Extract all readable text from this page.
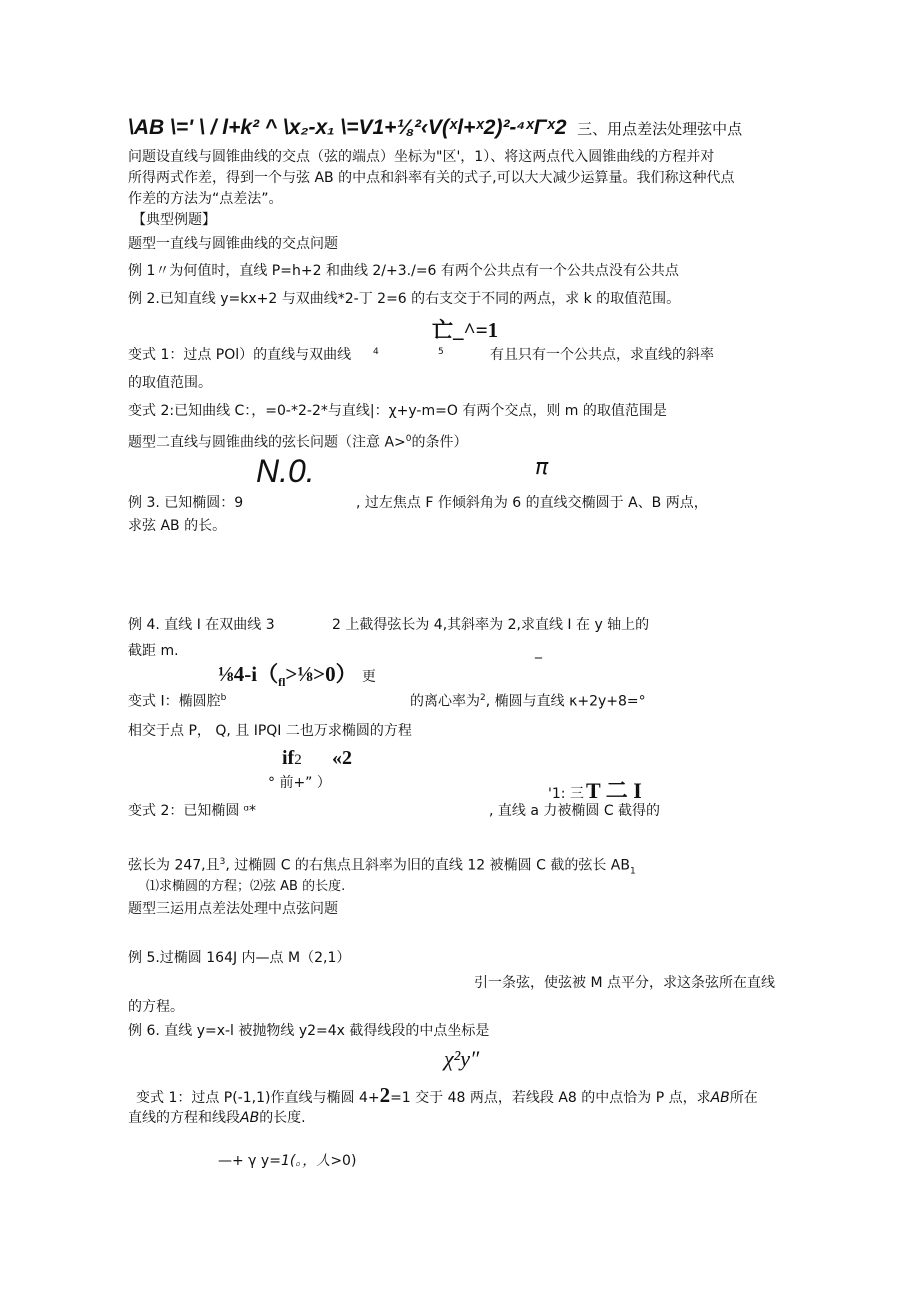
\AB \=' \ / l+k² ^ \x₂-x₁ \=V1+⅛²‹V(ˣl+ˣ2)²-⁴ˣΓˣ2 三、用点差法处理弦中点
问题设直线与圆锥曲线的交点（弦的端点）坐标为"区'，1）、将这两点代入圆锥曲线的方程并对
所得两式作差，得到一个与弦 AB 的中点和斜率有关的式子,可以大大减少运算量。我们称这种代点
作差的方法为“点差法”。
【典型例题】
题型一直线与圆锥曲线的交点问题
例 1〃为何值时，直线 P=h+2 和曲线 2/+3./=6 有两个公共点有一个公共点没有公共点
例 2.已知直线 y=kx+2 与双曲线*2-丁 2=6 的右支交于不同的两点，求 k 的取值范围。
亡_^=1
变式 1：过点 POl）的直线与双曲线 4	5	有且只有一个公共点，求直线的斜率
的取值范围。
变式 2:已知曲线 C：，=0-*2-2*与直线|：χ+y-m=O 有两个交点，则 m 的取值范围是
题型二直线与圆锥曲线的弦长问题（注意 A>$^0$的条件）
N.0.	π
例 3. 已知椭圆：9	, 过左焦点 F 作倾斜角为 6 的直线交椭圆于 A、B 两点，
求弦 AB 的长。
例 4. 直线 I 在双曲线 3	2 上截得弦长为 4,其斜率为 2,求直线 I 在 y 轴上的
截距 m.	_
$\frac{1}{8}4-i(_{fl}>\frac{1}{8}>0)$ 更
变式 I：椭圆腔$^b$	的离心率为$^2$, 椭圆与直线 κ+2y+8=°
相交于点 P， Q, 且 IPQI 二也万求椭圆的方程
if2 «2
° 前+” ）
'1: 三T 二 I
变式 2：已知椭圆 ᵅ*	, 直线 a 力被椭圆 C 截得的
弦长为 247,且$^3$, 过椭圆 C 的右焦点且斜率为旧的直线 12 被椭圆 C 截的弦长 $AB_1$
⑴求椭圆的方程；⑵弦 AB 的长度.
题型三运用点差法处理中点弦问题
例 5.过椭圆 164J 内—点 M（2,1）
引一条弦，使弦被 M 点平分，求这条弦所在直线
的方程。
例 6. 直线 y=x-l 被抛物线 y2=4x 截得线段的中点坐标是
χ²y″
变式 1：过点 P(-1,1)作直线与椭圆 4+2=1 交于 48 两点，若线段 A8 的中点恰为 P 点，求AB所在
直线的方程和线段AB的长度.
—+ γ y=1(。，人>0)
